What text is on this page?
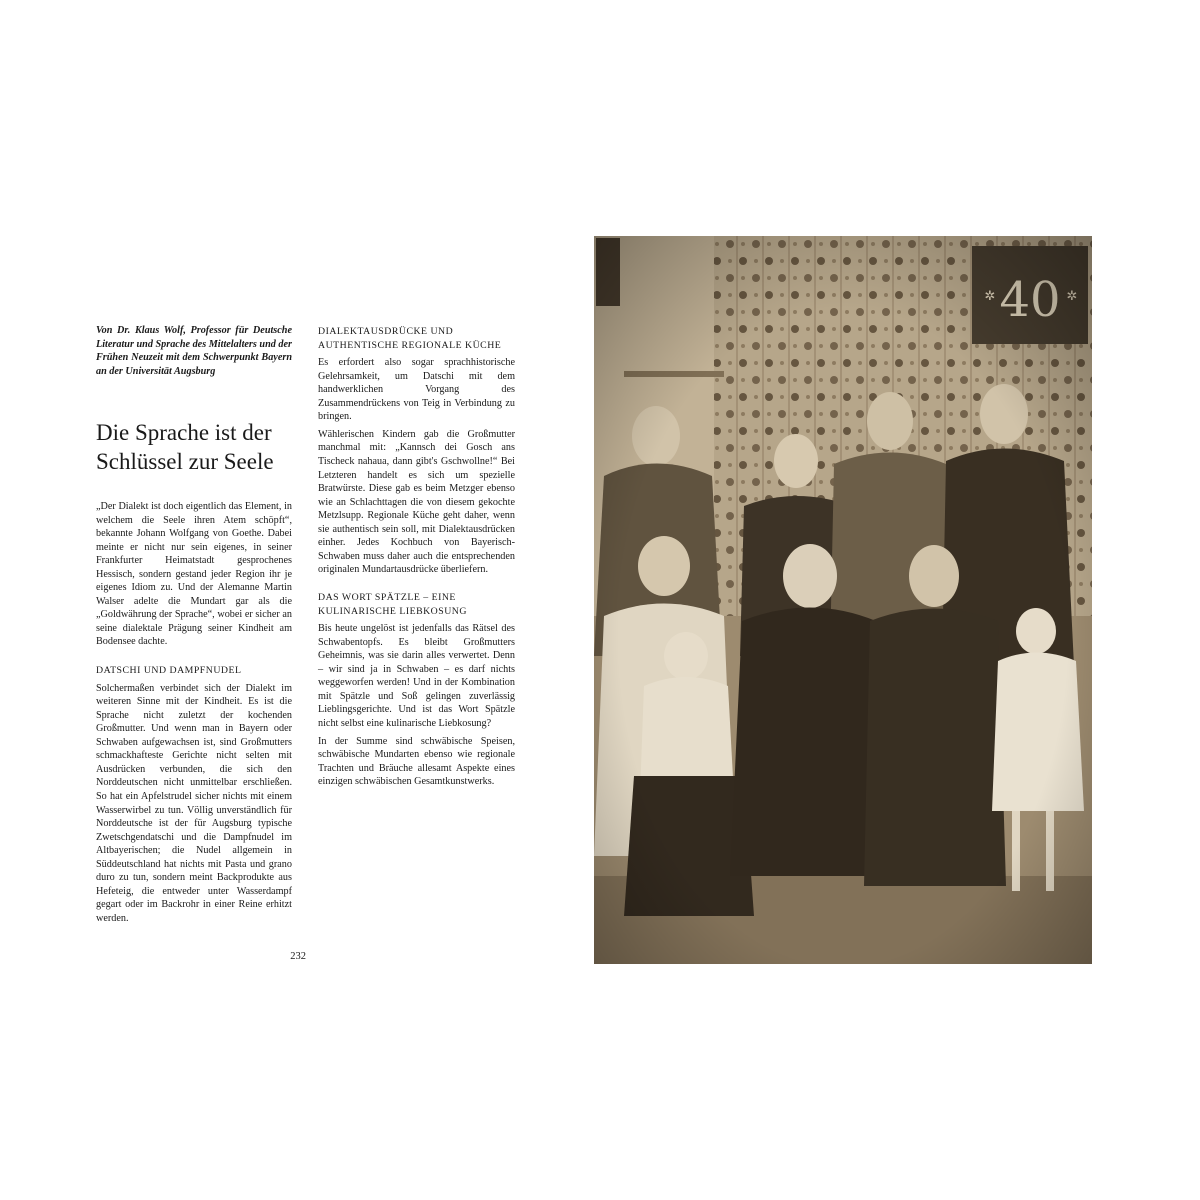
Von Dr. Klaus Wolf, Professor für Deutsche Literatur und Sprache des Mittelalters und der Frühen Neuzeit mit dem Schwerpunkt Bayern an der Universität Augsburg

Die Sprache ist der
Schlüssel zur Seele

„Der Dialekt ist doch eigentlich das Element, in welchem die Seele ihren Atem schöpft“, bekannte Johann Wolfgang von Goethe. Dabei meinte er nicht nur sein eigenes, in seiner Frankfurter Heimatstadt gesprochenes Hessisch, sondern gestand jeder Region ihr je eigenes Idiom zu. Und der Alemanne Martin Walser adelte die Mundart gar als die „Goldwährung der Sprache“, wobei er sicher an seine dialektale Prägung seiner Kindheit am Bodensee dachte.

DATSCHI UND DAMPFNUDEL

Solchermaßen verbindet sich der Dialekt im weiteren Sinne mit der Kindheit. Es ist die Sprache nicht zuletzt der kochenden Großmutter. Und wenn man in Bayern oder Schwaben aufgewachsen ist, sind Großmutters schmackhafteste Gerichte nicht selten mit Ausdrücken verbunden, die sich den Norddeutschen nicht unmittelbar erschließen. So hat ein Apfelstrudel sicher nichts mit einem Wasserwirbel zu tun. Völlig unverständlich für Norddeutsche ist der für Augsburg typische Zwetschgendatschi und die Dampfnudel im Altbayerischen; die Nudel allgemein in Süddeutschland hat nichts mit Pasta und grano duro zu tun, sondern meint Backprodukte aus Hefeteig, die entweder unter Wasserdampf gegart oder im Backrohr in einer Reine erhitzt werden.

DIALEKTAUSDRÜCKE UND AUTHENTISCHE REGIONALE KÜCHE

Es erfordert also sogar sprachhistorische Gelehrsamkeit, um Datschi mit dem handwerklichen Vorgang des Zusammendrückens von Teig in Verbindung zu bringen.

Wählerischen Kindern gab die Großmutter manchmal mit: „Kannsch dei Gosch ans Tischeck nahaua, dann gibt's Gschwollne!“ Bei Letzteren handelt es sich um spezielle Bratwürste. Diese gab es beim Metzger ebenso wie an Schlachttagen die von diesem gekochte Metzlsupp. Regionale Küche geht daher, wenn sie authentisch sein soll, mit Dialektausdrücken einher. Jedes Kochbuch von Bayerisch-Schwaben muss daher auch die entsprechenden originalen Mundartausdrücke überliefern.

DAS WORT SPÄTZLE – EINE KULINARISCHE LIEBKOSUNG

Bis heute ungelöst ist jedenfalls das Rätsel des Schwabentopfs. Es bleibt Großmutters Geheimnis, was sie darin alles verwertet. Denn – wir sind ja in Schwaben – es darf nichts weggeworfen werden! Und in der Kombination mit Spätzle und Soß gelingen zuverlässig Lieblingsgerichte. Und ist das Wort Spätzle nicht selbst eine kulinarische Liebkosung?

In der Summe sind schwäbische Speisen, schwäbische Mundarten ebenso wie regionale Trachten und Bräuche allesamt Aspekte eines einzigen schwäbischen Gesamtkunstwerks.

232
